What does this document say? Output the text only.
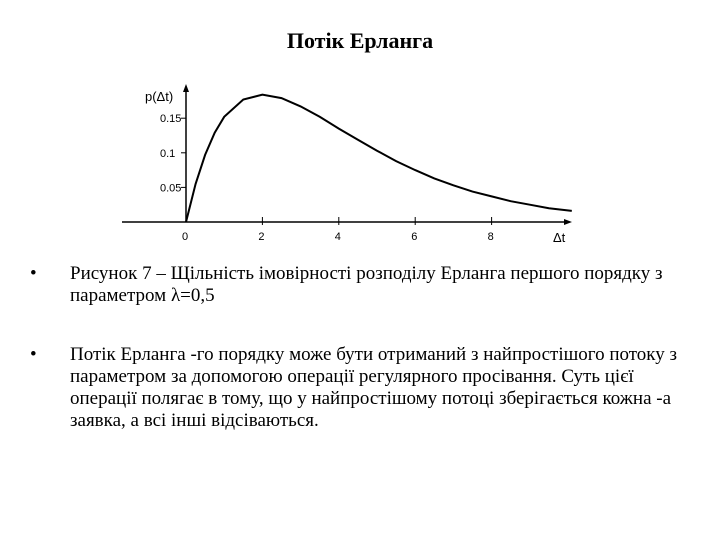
Потік Ерланга
p(Δt)
Δt
0	2	4	6	8
0.05
0.1
0.15
•	Рисунок 7 – Щільність імовірності розподілу Ерланга першого порядку з параметром λ=0,5
•	Потік Ерланга -го порядку може бути отриманий з найпростішого потоку з параметром за допомогою операції регулярного просівання. Суть цієї операції полягає в тому, що у найпростішому потоці зберігається кожна -а заявка, а всі інші відсіваються.
